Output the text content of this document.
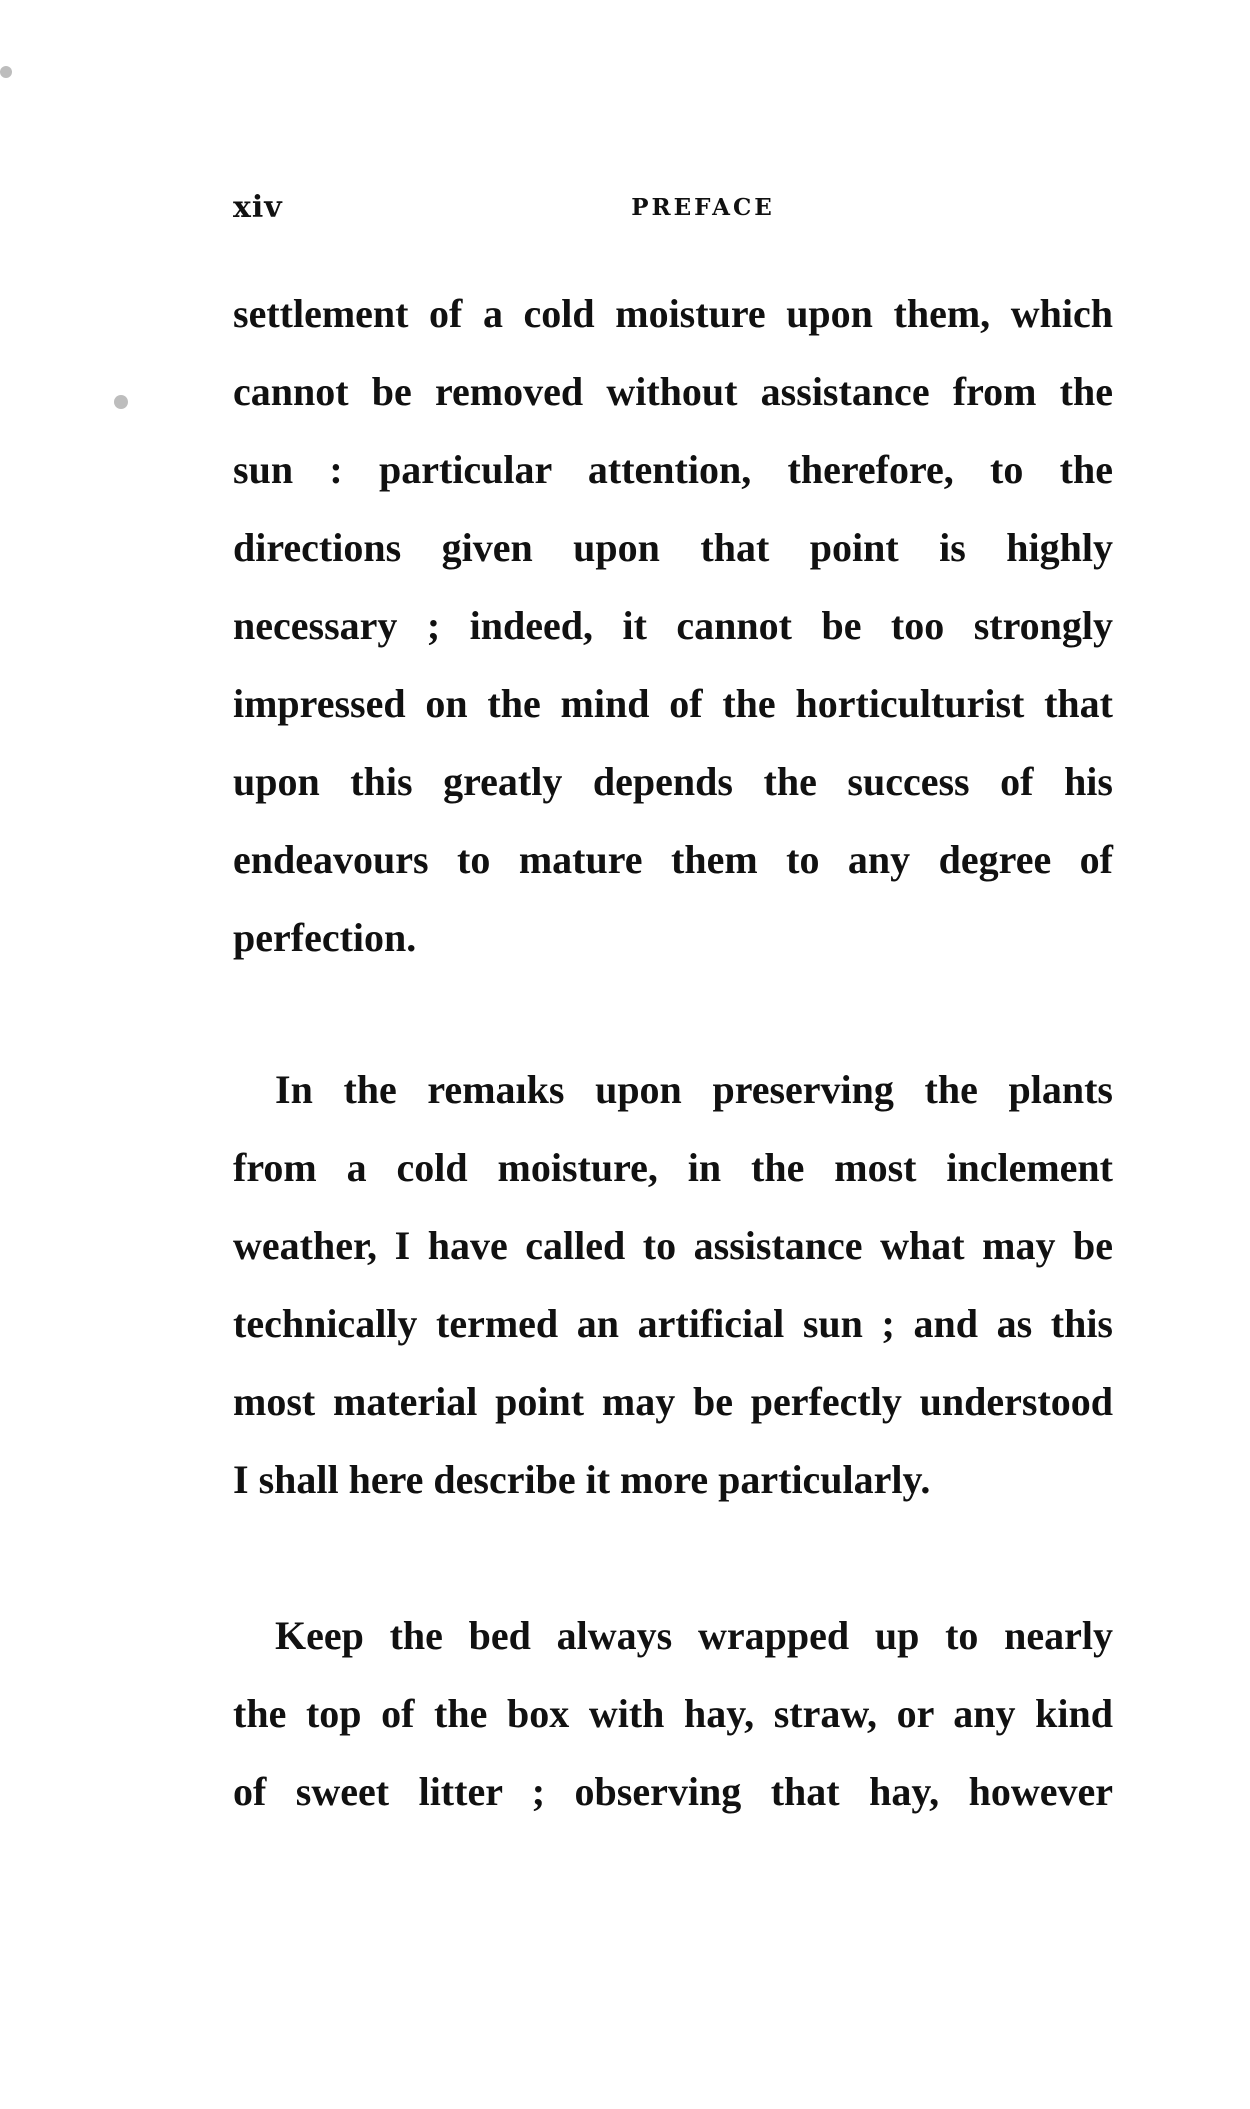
xiv	PREFACE
settlement of a cold moisture upon them, which
cannot be removed without assistance from the
sun : particular attention, therefore, to the
directions given upon that point is highly
necessary ; indeed, it cannot be too strongly
impressed on the mind of the horticulturist that
upon this greatly depends the success of his
endeavours to mature them to any degree of
perfection.
In the remaıks upon preserving the plants
from a cold moisture, in the most inclement
weather, I have called to assistance what may be
technically termed an artificial sun ; and as this
most material point may be perfectly understood
I shall here describe it more particularly.
Keep the bed always wrapped up to nearly
the top of the box with hay, straw, or any kind
of sweet litter ; observing that hay, however
